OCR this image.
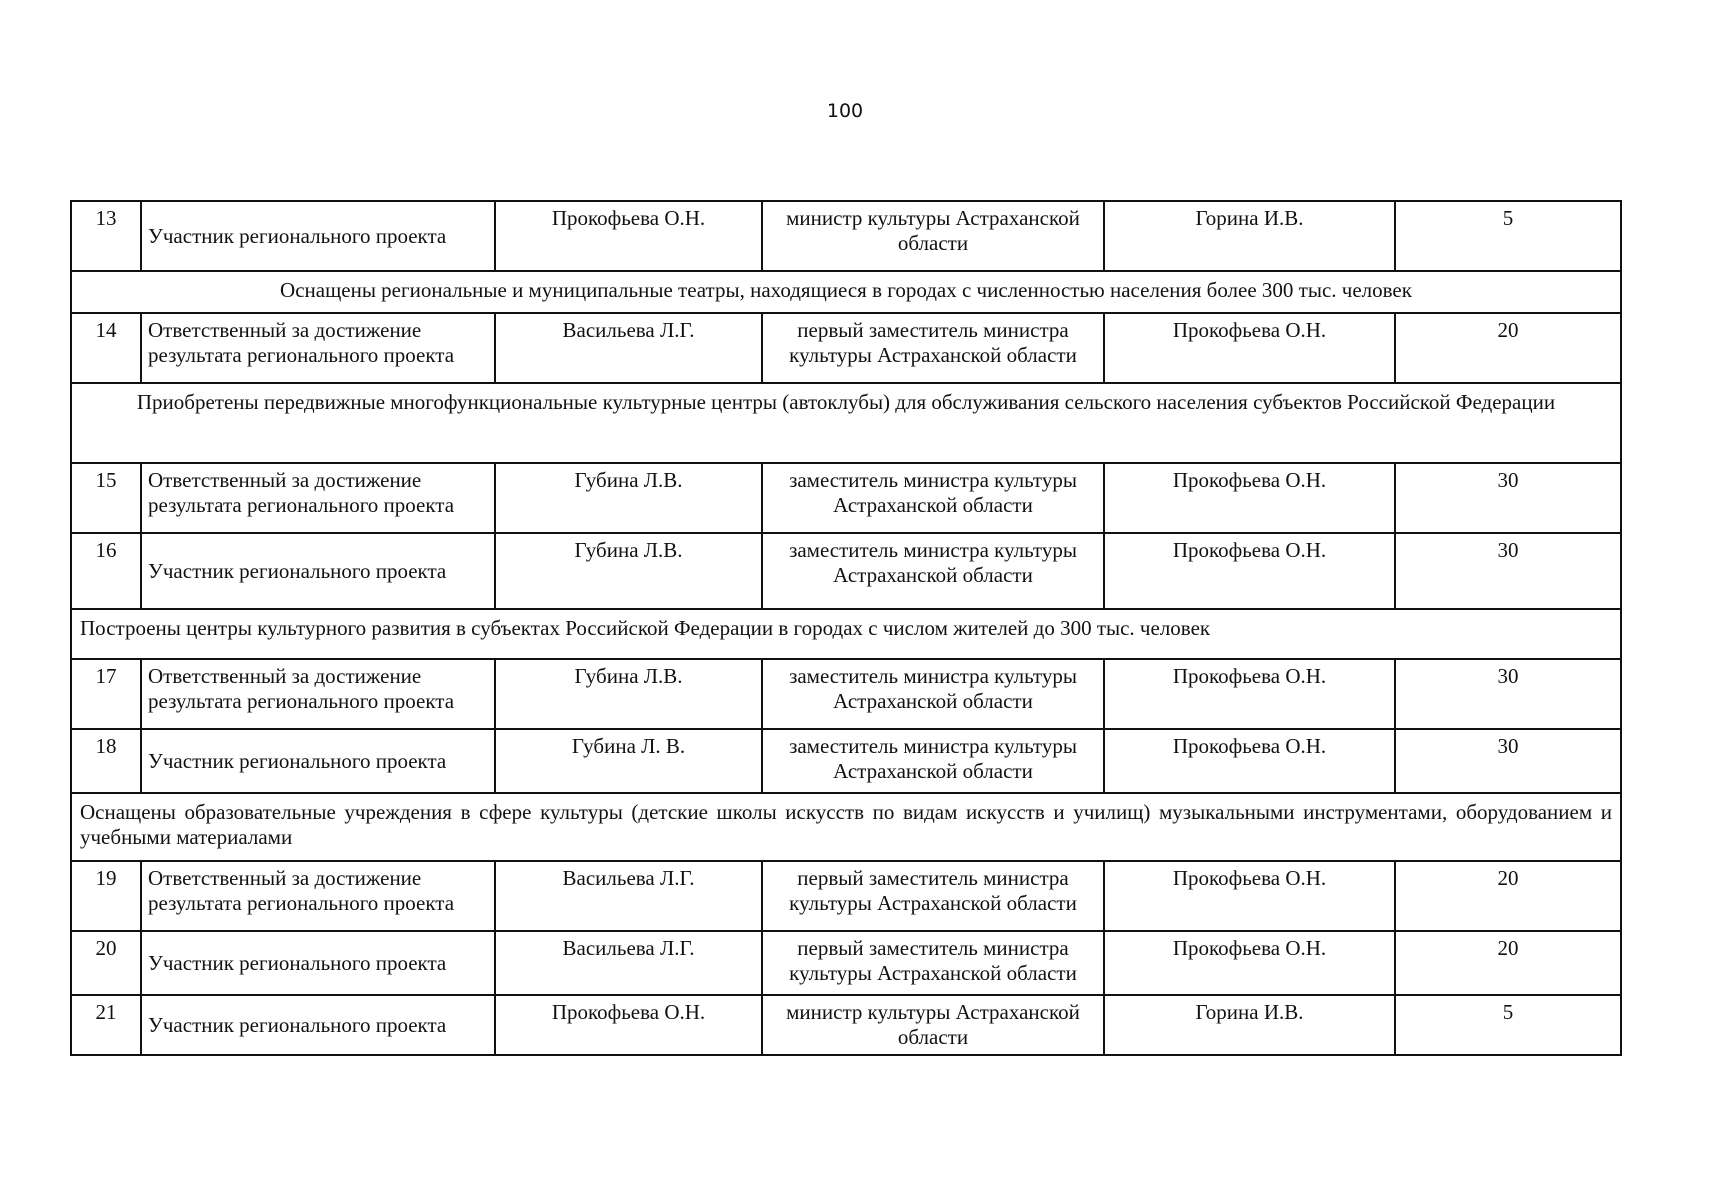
100
13	Участник регионального проекта	Прокофьева О.Н.	министр культуры Астраханской области	Горина И.В.	5
Оснащены региональные и муниципальные театры, находящиеся в городах с численностью населения более 300 тыс. человек					
14	Ответственный за достижение результата регионального проекта	Васильева Л.Г.	первый заместитель министра культуры Астраханской области	Прокофьева О.Н.	20
Приобретены передвижные многофункциональные культурные центры (автоклубы) для обслуживания сельского населения субъектов Российской Федерации					
15	Ответственный за достижение результата регионального проекта	Губина Л.В.	заместитель министра культуры Астраханской области	Прокофьева О.Н.	30
16	Участник регионального проекта	Губина Л.В.	заместитель министра культуры Астраханской области	Прокофьева О.Н.	30
Построены центры культурного развития в субъектах Российской Федерации в городах с числом жителей до 300 тыс. человек					
17	Ответственный за достижение результата регионального проекта	Губина Л.В.	заместитель министра культуры Астраханской области	Прокофьева О.Н.	30
18	Участник регионального проекта	Губина Л. В.	заместитель министра культуры Астраханской области	Прокофьева О.Н.	30
Оснащены образовательные учреждения в сфере культуры (детские школы искусств по видам искусств и училищ) музыкальными инструментами, оборудованием и учебными материалами					
19	Ответственный за достижение результата регионального проекта	Васильева Л.Г.	первый заместитель министра культуры Астраханской области	Прокофьева О.Н.	20
20	Участник регионального проекта	Васильева Л.Г.	первый заместитель министра культуры Астраханской области	Прокофьева О.Н.	20
21	Участник регионального проекта	Прокофьева О.Н.	министр культуры Астраханской области	Горина И.В.	5
